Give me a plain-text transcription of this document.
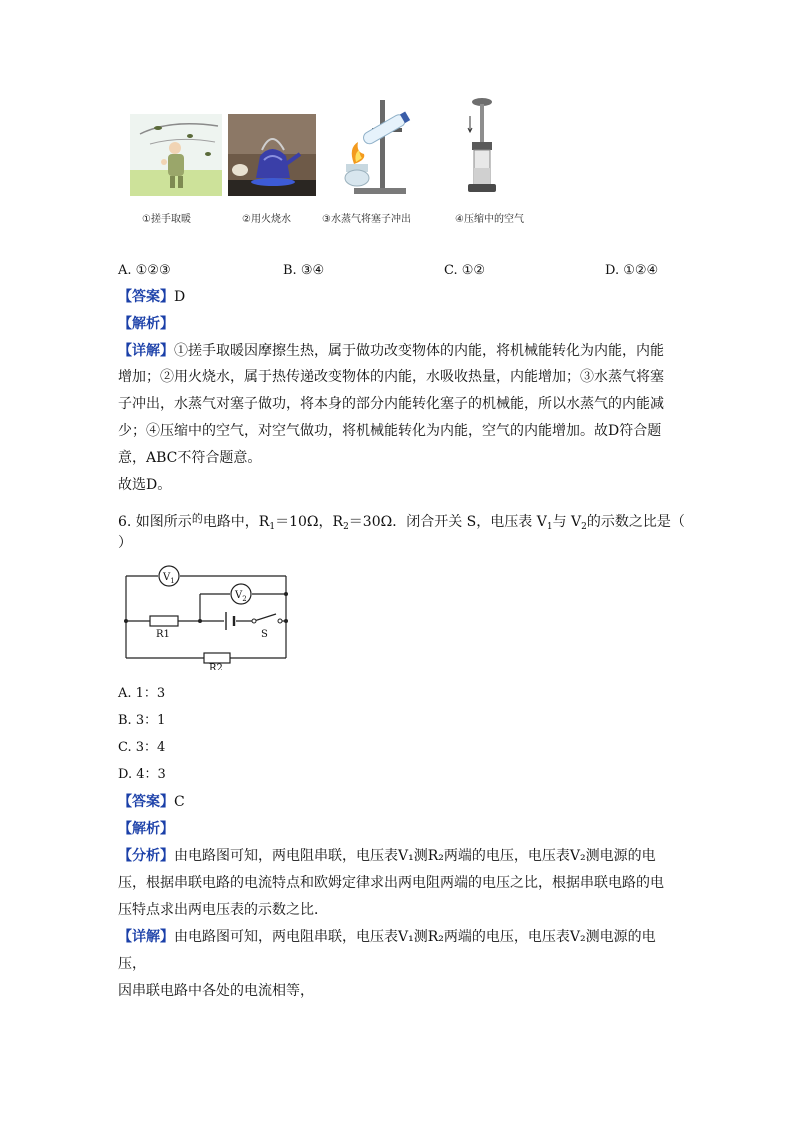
①搓手取暖	②用火烧水	③水蒸气将塞子冲出	④压缩中的空气
A. ①②③	B. ③④	C. ①②	D. ①②④
【答案】D
【解析】
【详解】①搓手取暖因摩擦生热，属于做功改变物体的内能，将机械能转化为内能，内能
增加；②用火烧水，属于热传递改变物体的内能，水吸收热量，内能增加；③水蒸气将塞
子冲出，水蒸气对塞子做功，将本身的部分内能转化塞子的机械能，所以水蒸气的内能减
少；④压缩中的空气，对空气做功，将机械能转化为内能，空气的内能增加。故D符合题
意，ABC不符合题意。
故选D。
6. 如图所示$^的$电路中，$R_1=10\Omega$，$R_2=30\Omega$．闭合开关 S，电压表 $V_1$与 $V_2$的示数之比是（
）
$V_1$
$V_2$
R1
R2
S
A. 1：3
B. 3：1
C. 3：4
D. 4：3
【答案】C
【解析】
【分析】由电路图可知，两电阻串联，电压表V₁测R₂两端的电压，电压表V₂测电源的电
压，根据串联电路的电流特点和欧姆定律求出两电阻两端的电压之比，根据串联电路的电
压特点求出两电压表的示数之比．
【详解】由电路图可知，两电阻串联，电压表V₁测R₂两端的电压，电压表V₂测电源的电
压，
因串联电路中各处的电流相等，
